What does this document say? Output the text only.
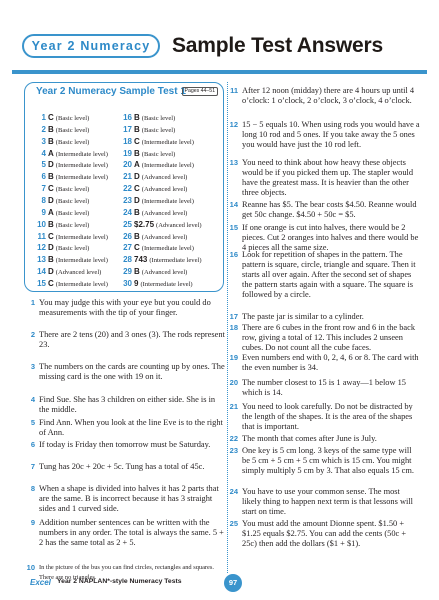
Year 2 Numeracy	Sample Test Answers
Year 2 Numeracy Sample Test 1
Pages 44–51
1 C (Basic level)
2 B (Basic level)
3 B (Basic level)
4 A (Intermediate level)
5 D (Intermediate level)
6 B (Intermediate level)
7 C (Basic level)
8 D (Basic level)
9 A (Basic level)
10 B (Basic level)
11 C (Intermediate level)
12 D (Basic level)
13 B (Intermediate level)
14 D (Advanced level)
15 C (Intermediate level)
16 B (Basic level)
17 B (Basic level)
18 C (Intermediate level)
19 B (Basic level)
20 A (Intermediate level)
21 D (Advanced level)
22 C (Advanced level)
23 D (Intermediate level)
24 B (Advanced level)
25 $2.75 (Advanced level)
26 B (Advanced level)
27 C (Intermediate level)
28 743 (Intermediate level)
29 B (Advanced level)
30 9 (Intermediate level)
1 You may judge this with your eye but you could do measurements with the tip of your finger.
2 There are 2 tens (20) and 3 ones (3). The rods represent 23.
3 The numbers on the cards are counting up by ones. The missing card is the one with 19 on it.
4 Find Sue. She has 3 children on either side. She is in the middle.
5 Find Ann. When you look at the line Eve is to the right of Ann.
6 If today is Friday then tomorrow must be Saturday.
7 Tung has 20c + 20c + 5c. Tung has a total of 45c.
8 When a shape is divided into halves it has 2 parts that are the same. B is incorrect because it has 3 straight sides and 1 curved side.
9 Addition number sentences can be written with the numbers in any order. The total is always the same. 5 + 2 has the same total as 2 + 5.
10 In the picture of the bus you can find circles, rectangles and squares. There are no triangles.
11 After 12 noon (midday) there are 4 hours up until 4 o’clock: 1 o’clock, 2 o’clock, 3 o’clock, 4 o’clock.
12 15 − 5 equals 10. When using rods you would have a long 10 rod and 5 ones. If you take away the 5 ones you would have just the 10 rod left.
13 You need to think about how heavy these objects would be if you picked them up. The stapler would have the greatest mass. It is heavier than the other three objects.
14 Reanne has $5. The bear costs $4.50. Reanne would get 50c change. $4.50 + 50c = $5.
15 If one orange is cut into halves, there would be 2 pieces. Cut 2 oranges into halves and there would be 4 pieces all the same size.
16 Look for repetition of shapes in the pattern. The pattern is square, circle, triangle and square. Then it starts all over again. After the second set of shapes the pattern starts again with a square. The square is followed by a circle.
17 The paste jar is similar to a cylinder.
18 There are 6 cubes in the front row and 6 in the back row, giving a total of 12. This includes 2 unseen cubes. Do not count all the cube faces.
19 Even numbers end with 0, 2, 4, 6 or 8. The card with the even number is 34.
20 The number closest to 15 is 1 away—1 below 15 which is 14.
21 You need to look carefully. Do not be distracted by the length of the shapes. It is the area of the shapes that is important.
22 The month that comes after June is July.
23 One key is 5 cm long. 3 keys of the same type will be 5 cm + 5 cm + 5 cm which is 15 cm. You might simply multiply 5 cm by 3. That also equals 15 cm.
24 You have to use your common sense. The most likely thing to happen next term is that lessons will start on time.
25 You must add the amount Dionne spent. $1.50 + $1.25 equals $2.75. You can add the cents (50c + 25c) then add the dollars ($1 + $1).
Excel Year 2 NAPLAN*-style Numeracy Tests	97
